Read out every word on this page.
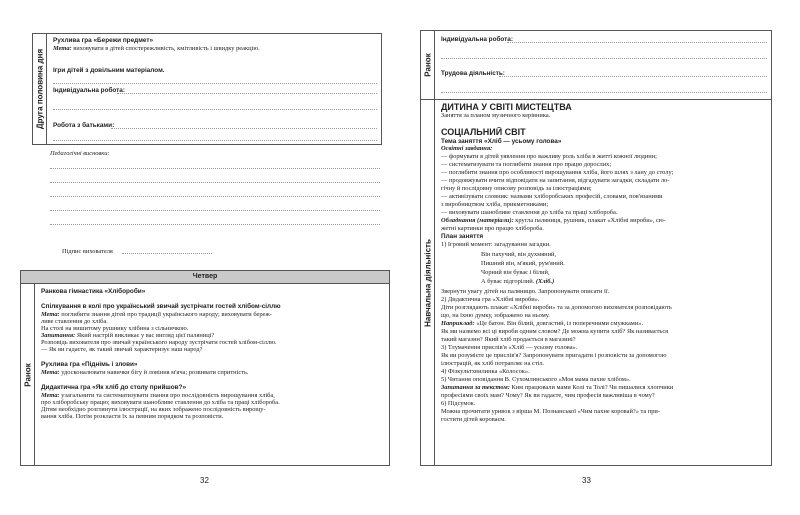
Друга половина дня
Рухлива гра «Бережи предмет»
Мета: виховувати в дітей спостережливість, кмітливість і швидку реакцію.
Ігри дітей з довільним матеріалом.
Індивідуальна робота:
Робота з батьками:
Педагогічні висновки:
Підпис вихователя
Четвер
Ранок
Ранкова гімнастика «Хлібороби»
Спілкування в колі про український звичай зустрічати гостей хлібом-сіллю
Мета: поглибити знання дітей про традиції українського народу; виховувати береж-
ливе ставлення до хліба.
На столі на вишитому рушнику хлібина з сільничкою.
Запитання: Який настрій викликає у вас вигляд цієї паляниці?
Розповідь вихователя про звичай українського народу зустрічати гостей хлібом-сіллю.
— Як ви гадаєте, як такий звичай характеризує наш народ?
Рухлива гра «Піднімь і злови»
Мета: удосконалювати навички бігу й ловіння м'яча; розвивати спритність.
Дидактична гра «Як хліб до столу прийшов?»
Мета: узагальнити та систематизувати знання про послідовність вирощування хліба,
про хліборобську працю; виховувати шанобливе ставлення до хліба та праці хлібороба.
Дітям необхідно розглянути ілюстрації, на яких зображено послідовність вирощу-
вання хліба. Потім розкласти їх за певним порядком та розповісти.
32
Ранок
Індивідуальна робота:
Трудова діяльність:
Навчальна діяльність
ДИТИНА У СВІТІ МИСТЕЦТВА
Заняття за планом музичного керівника.
СОЦІАЛЬНИЙ СВІТ
Тема заняття «Хліб — усьому голова»
Освітні завдання:
— формувати в дітей уявлення про важливу роль хліба в житті кожної людини;
— систематизувати та поглибити знання про працю дорослих;
— поглибити знання про особливості вирощування хліба, його шлях з лану до столу;
— продовжувати вчити відповідати на запитання, відгадувати загадки, складати ло-
гічну й послідовну описову розповідь за ілюстраціями;
— активізувати словник: назвами хліборобських професій, словами, пов'язаними
з виробництвом хліба, прикметниками;
— виховувати шанобливе ставлення до хліба та праці хлібороба.
Обладнання (матеріали): кругла паляниця, рушник, плакат «Хлібні вироби», сю-
жетні картинки про працю хлібороба.
План заняття
1) Ігровий момент: загадування загадки.
Він пахучий, він духмяний,
Пишний він, м'який, рум'яний.
Чорний він буває і білий,
А буває підгорілий. (Хліб.)
Звернути увагу дітей на паляницю. Запропонувати описати її.
2) Дидактична гра «Хлібні вироби».
Діти розглядають плакат «Хлібні вироби» та за допомогою вихователя розповідають
що, на їхню думку, зображено на ньому.
Наприклад: «Це батон. Він білий, довгастий, із поперечними смужками».
Як ми назвемо всі ці вироби одним словом? Де можна купити хліб? Як називається
такий магазин? Який хліб продається в магазині?
3) Тлумачення прислів'я «Хліб — усьому голова».
Як ви розумієте це прислів'я? Запропонувати пригадати і розповісти за допомогою
ілюстрацій, як хліб потрапляє на стіл.
4) Фізкультхвилинка «Колосок».
5) Читання оповідання В. Сухомлинського «Моя мама пахне хлібом».
Запитання за текстом: Ким працювали мами Колі та Толі? Чи пишалися хлопчики
професіями своїх мам? Чому? Як ви гадаєте, чим професія важливіша в чому?
6) Підсумок.
Можна прочитати уривок з вірша М. Познанської «Чим пахне коровай?» та при-
гостити дітей короваєм.
33
